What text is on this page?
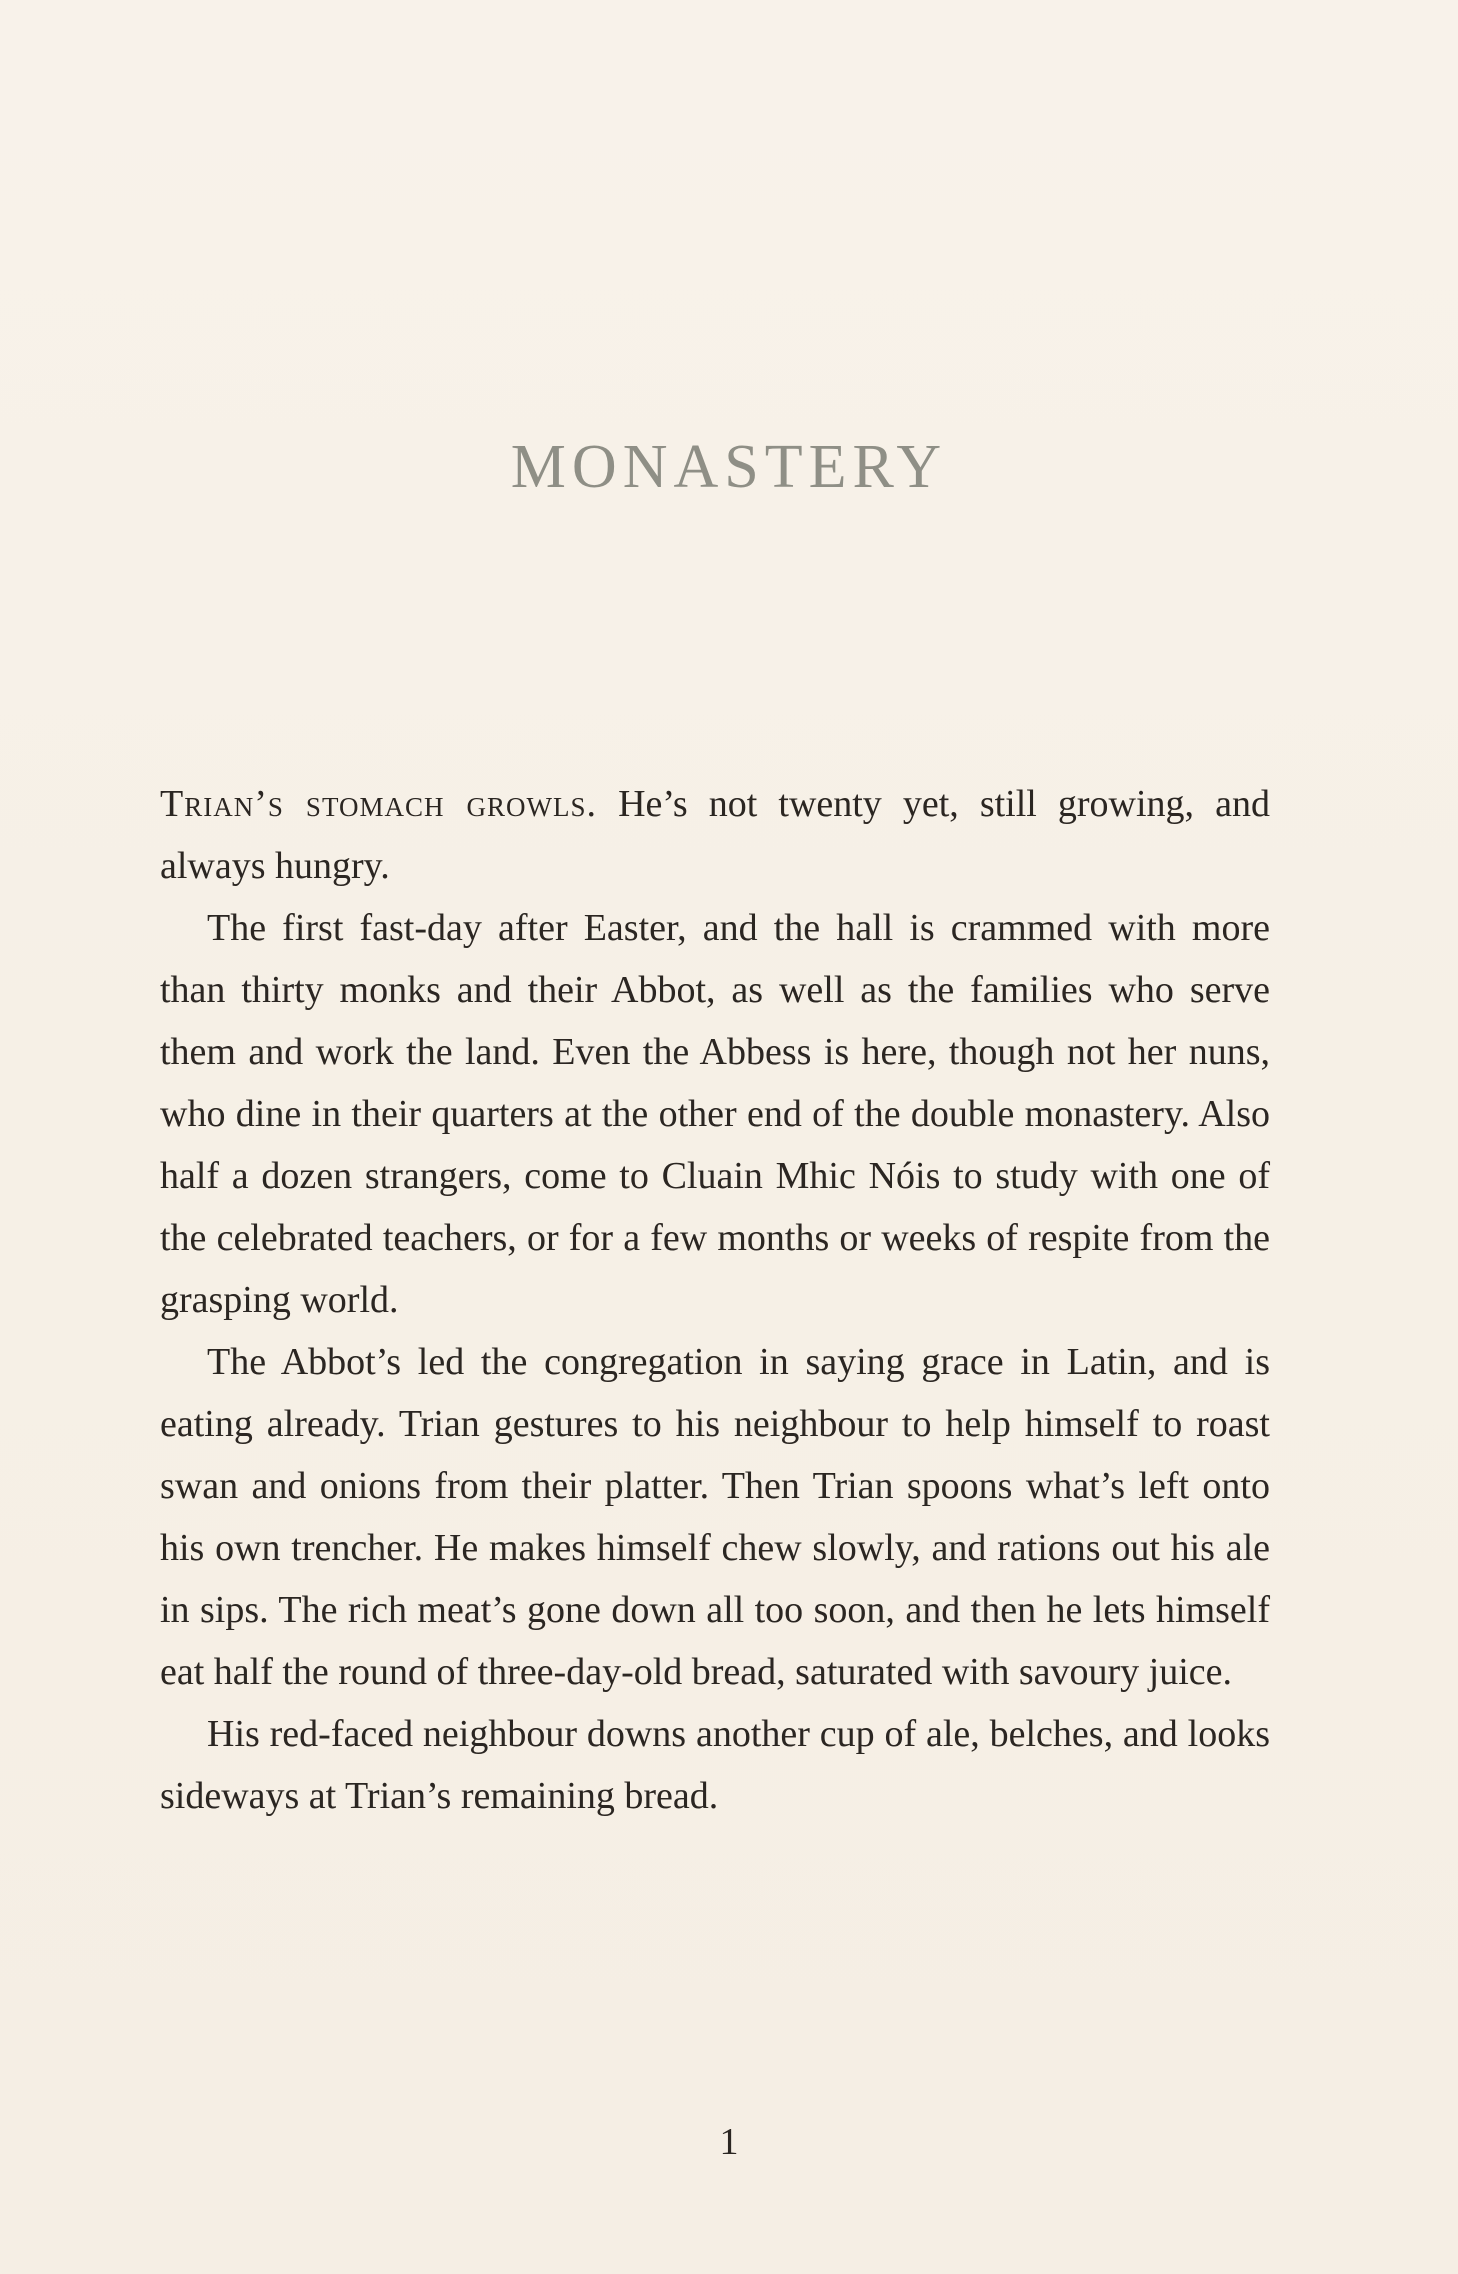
MONASTERY

Trian’s stomach growls. He’s not twenty yet, still growing, and always hungry.

The first fast-day after Easter, and the hall is crammed with more than thirty monks and their Abbot, as well as the families who serve them and work the land. Even the Abbess is here, though not her nuns, who dine in their quarters at the other end of the double monastery. Also half a dozen strangers, come to Cluain Mhic Nóis to study with one of the celebrated teachers, or for a few months or weeks of respite from the grasping world.

The Abbot’s led the congregation in saying grace in Latin, and is eating already. Trian gestures to his neighbour to help himself to roast swan and onions from their platter. Then Trian spoons what’s left onto his own trencher. He makes himself chew slowly, and rations out his ale in sips. The rich meat’s gone down all too soon, and then he lets himself eat half the round of three-day-old bread, saturated with savoury juice.

His red-faced neighbour downs another cup of ale, belches, and looks sideways at Trian’s remaining bread.

1
